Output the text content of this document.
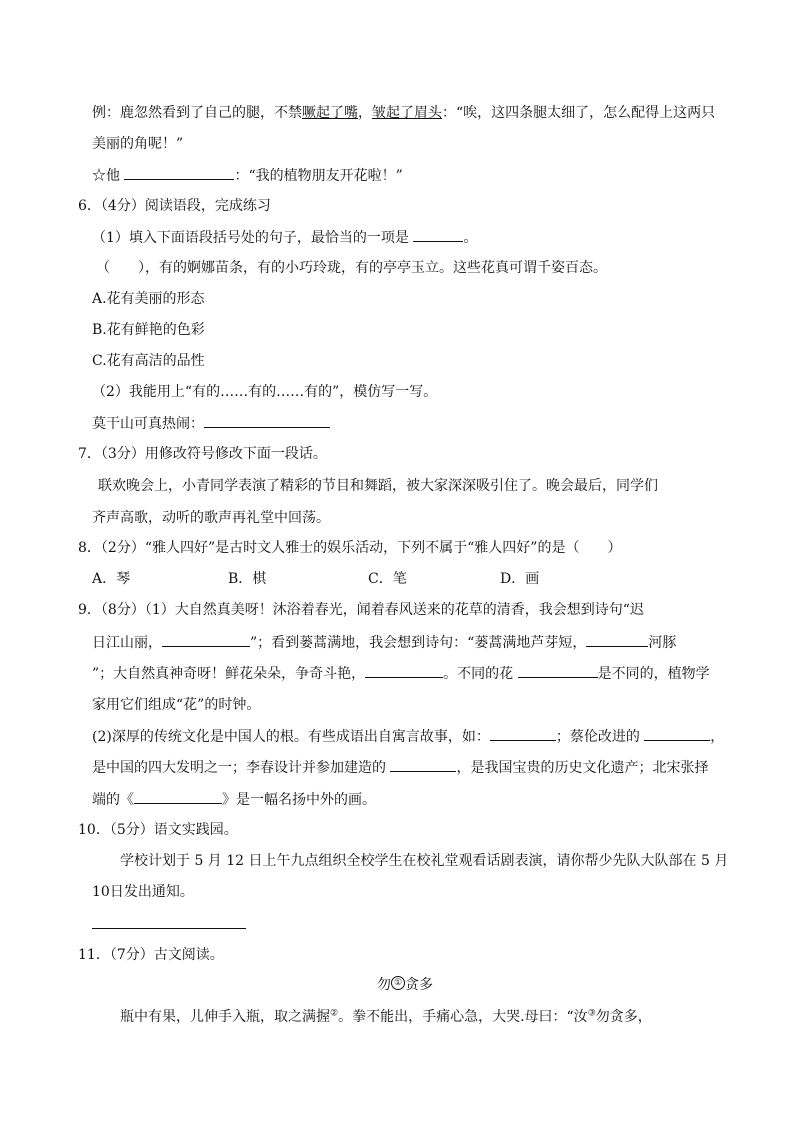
例：鹿忽然看到了自己的腿，不禁噘起了嘴，皱起了眉头：“唉，这四条腿太细了，怎么配得上这两只
美丽的角呢！”
☆他	：“我的植物朋友开花啦！”
6．（4分）阅读语段，完成练习
（1）填入下面语段括号处的句子，最恰当的一项是	。
（　　），有的婀娜苗条，有的小巧玲珑，有的亭亭玉立。这些花真可谓千姿百态。
A.花有美丽的形态
B.花有鲜艳的色彩
C.花有高洁的品性
（2）我能用上“有的……有的……有的”，模仿写一写。
莫干山可真热闹：
7．（3分）用修改符号修改下面一段话。
联欢晚会上，小青同学表演了精彩的节目和舞蹈，被大家深深吸引住了。晚会最后，同学们
齐声高歌，动听的歌声再礼堂中回荡。
8．（2分）“雅人四好”是古时文人雅士的娱乐活动，下列不属于“雅人四好”的是（　　）
A．琴	B．棋	C．笔	D．画
9．（8分）（1）大自然真美呀！沐浴着春光，闻着春风送来的花草的清香，我会想到诗句“迟
日江山丽，	”；看到蒌蒿满地，我会想到诗句：“蒌蒿满地芦芽短，	河豚
”；大自然真神奇呀！鲜花朵朵，争奇斗艳，	。不同的花	是不同的，植物学
家用它们组成“花”的时钟。
(2)深厚的传统文化是中国人的根。有些成语出自寓言故事，如：	；蔡伦改进的	，
是中国的四大发明之一；李春设计并参加建造的	，是我国宝贵的历史文化遗产；北宋张择
端的《	》是一幅名扬中外的画。
10．（5分）语文实践园。
学校计划于 5 月 12 日上午九点组织全校学生在校礼堂观看话剧表演，请你帮少先队大队部在 5 月
10日发出通知。
11．（7分）古文阅读。
勿 ① 贪多
瓶中有果，儿伸手入瓶，取之满握②。拳不能出，手痛心急，大哭.母曰：“汝③勿贪多，
